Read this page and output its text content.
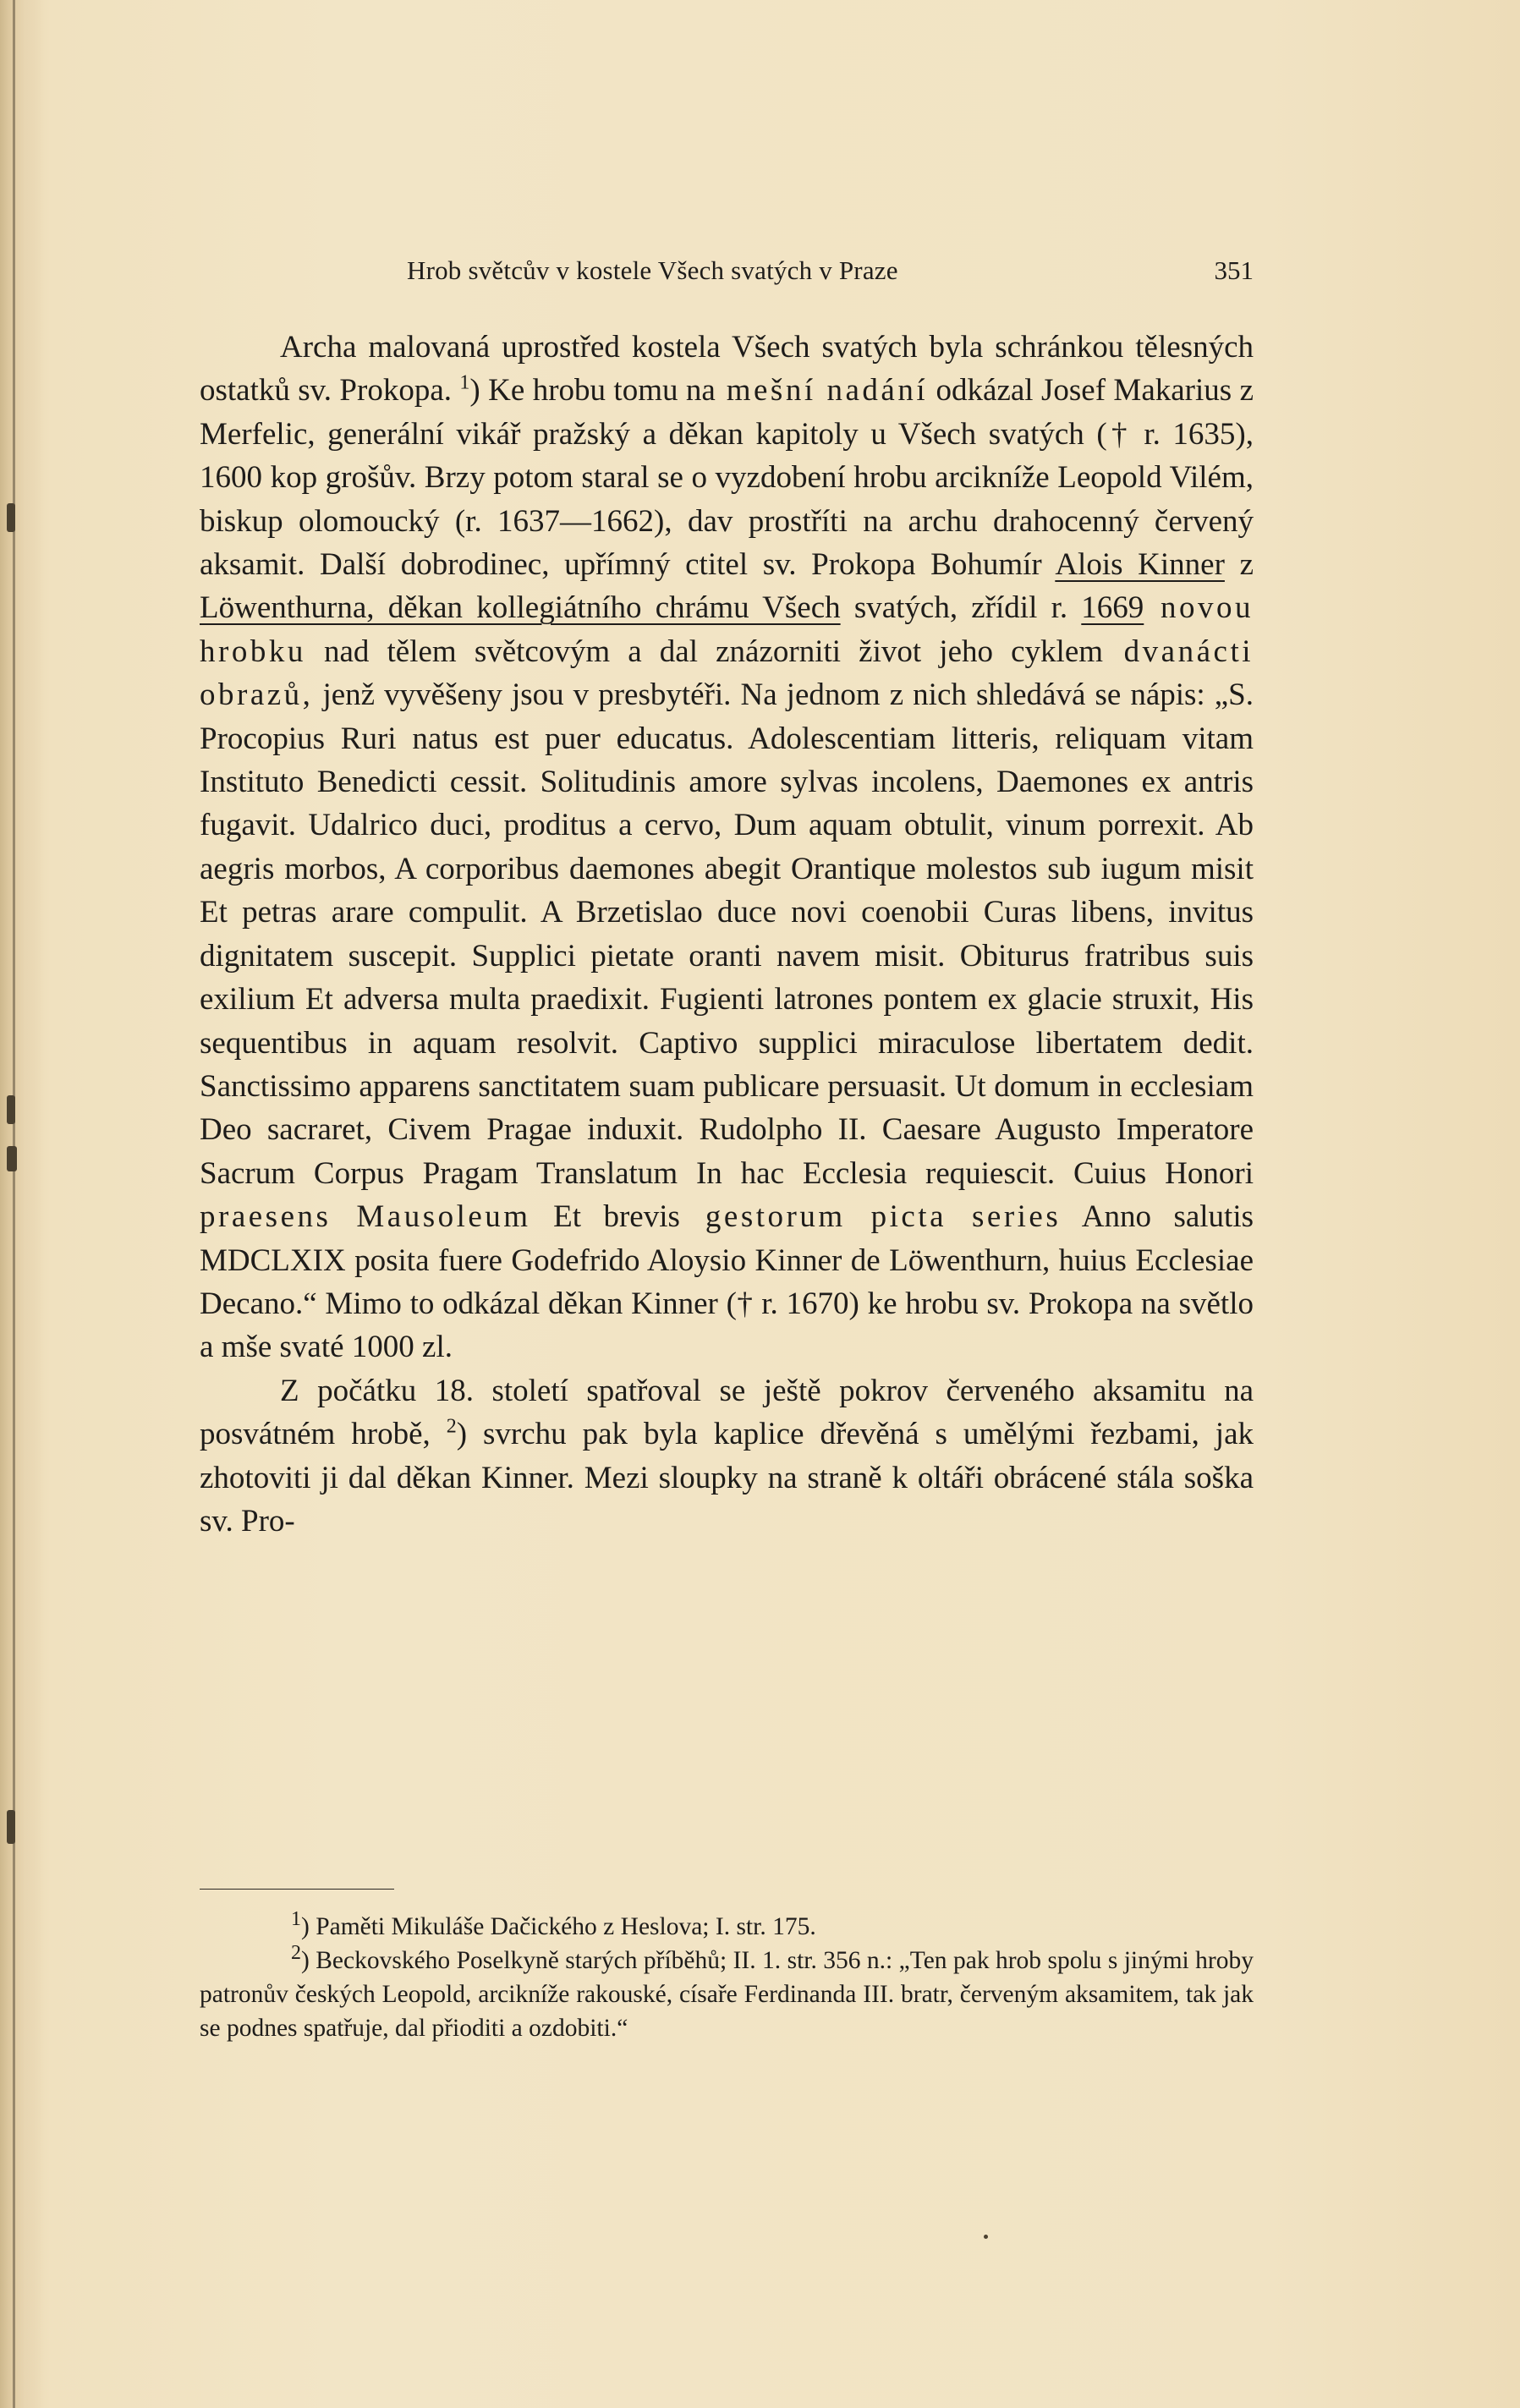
Hrob světcův v kostele Všech svatých v Praze	351

Archa malovaná uprostřed kostela Všech svatých byla schránkou tělesných ostatků sv. Prokopa. $^1$) Ke hrobu tomu na mešní nadání odkázal Josef Makarius z Merfelic, generální vikář pražský a děkan kapitoly u Všech svatých († r. 1635), 1600 kop grošův. Brzy potom staral se o vyzdobení hrobu arcikníže Leopold Vilém, biskup olomoucký (r. 1637—1662), dav prostříti na archu drahocenný červený aksamit. Další dobrodinec, upřímný ctitel sv. Prokopa Bohumír Alois Kinner z Löwenthurna, děkan kollegiátního chrámu Všech svatých, zřídil r. 1669 novou hrobku nad tělem světcovým a dal znázorniti život jeho cyklem dvanácti obrazů, jenž vyvěšeny jsou v presbytéři. Na jednom z nich shledává se nápis: „S. Procopius Ruri natus est puer educatus. Adolescentiam litteris, reliquam vitam Instituto Benedicti cessit. Solitudinis amore sylvas incolens, Daemones ex antris fugavit. Udalrico duci, proditus a cervo, Dum aquam obtulit, vinum porrexit. Ab aegris morbos, A corporibus daemones abegit Orantique molestos sub iugum misit Et petras arare compulit. A Brzetislao duce novi coenobii Curas libens, invitus dignitatem suscepit. Supplici pietate oranti navem misit. Obiturus fratribus suis exilium Et adversa multa praedixit. Fugienti latrones pontem ex glacie struxit, His sequentibus in aquam resolvit. Captivo supplici miraculose libertatem dedit. Sanctissimo apparens sanctitatem suam publicare persuasit. Ut domum in ecclesiam Deo sacraret, Civem Pragae induxit. Rudolpho II. Caesare Augusto Imperatore Sacrum Corpus Pragam Translatum In hac Ecclesia requiescit. Cuius Honori praesens Mausoleum Et brevis gestorum picta series Anno salutis MDCLXIX posita fuere Godefrido Aloysio Kinner de Löwenthurn, huius Ecclesiae Decano.“ Mimo to odkázal děkan Kinner († r. 1670) ke hrobu sv. Prokopa na světlo a mše svaté 1000 zl.

Z počátku 18. století spatřoval se ještě pokrov červeného aksamitu na posvátném hrobě, $^2$) svrchu pak byla kaplice dřevěná s umělými řezbami, jak zhotoviti ji dal děkan Kinner. Mezi sloupky na straně k oltáři obrácené stála soška sv. Pro-

$^1$) Paměti Mikuláše Dačického z Heslova; I. str. 175.

$^2$) Beckovského Poselkyně starých příběhů; II. 1. str. 356 n.: „Ten pak hrob spolu s jinými hroby patronův českých Leopold, arcikníže rakouské, císaře Ferdinanda III. bratr, červeným aksamitem, tak jak se podnes spatřuje, dal přioditi a ozdobiti.“
